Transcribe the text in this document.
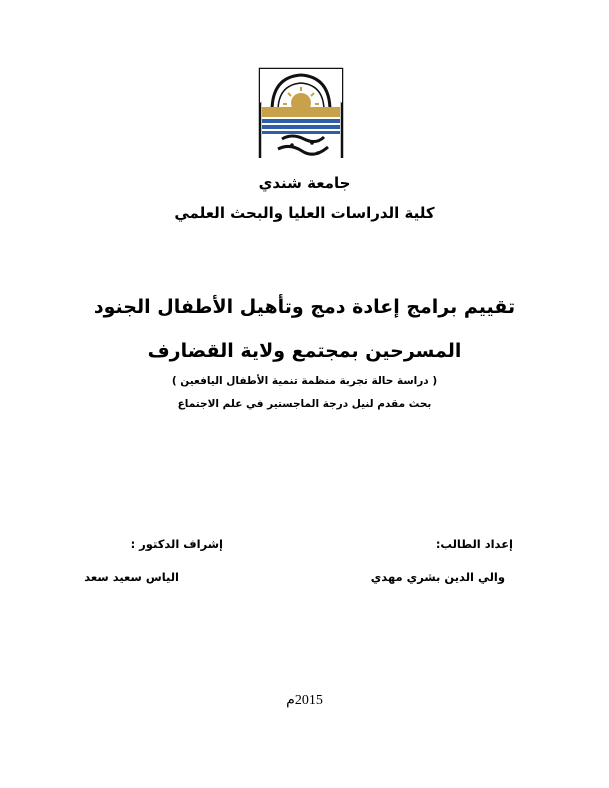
جامعة شندي
كلية الدراسات العليا والبحث العلمي
تقييم برامج إعادة دمج وتأهيل الأطفال الجنود
المسرحين بمجتمع ولاية القضارف
( دراسة حالة تجربة منظمة تنمية الأطفال اليافعين )
بحث مقدم لنيل درجة الماجستير في علم الاجتماع
إعداد الطالب:
إشراف الدكتور :
والي الدين بشري مهدي
الياس سعيد سعد
2015م
